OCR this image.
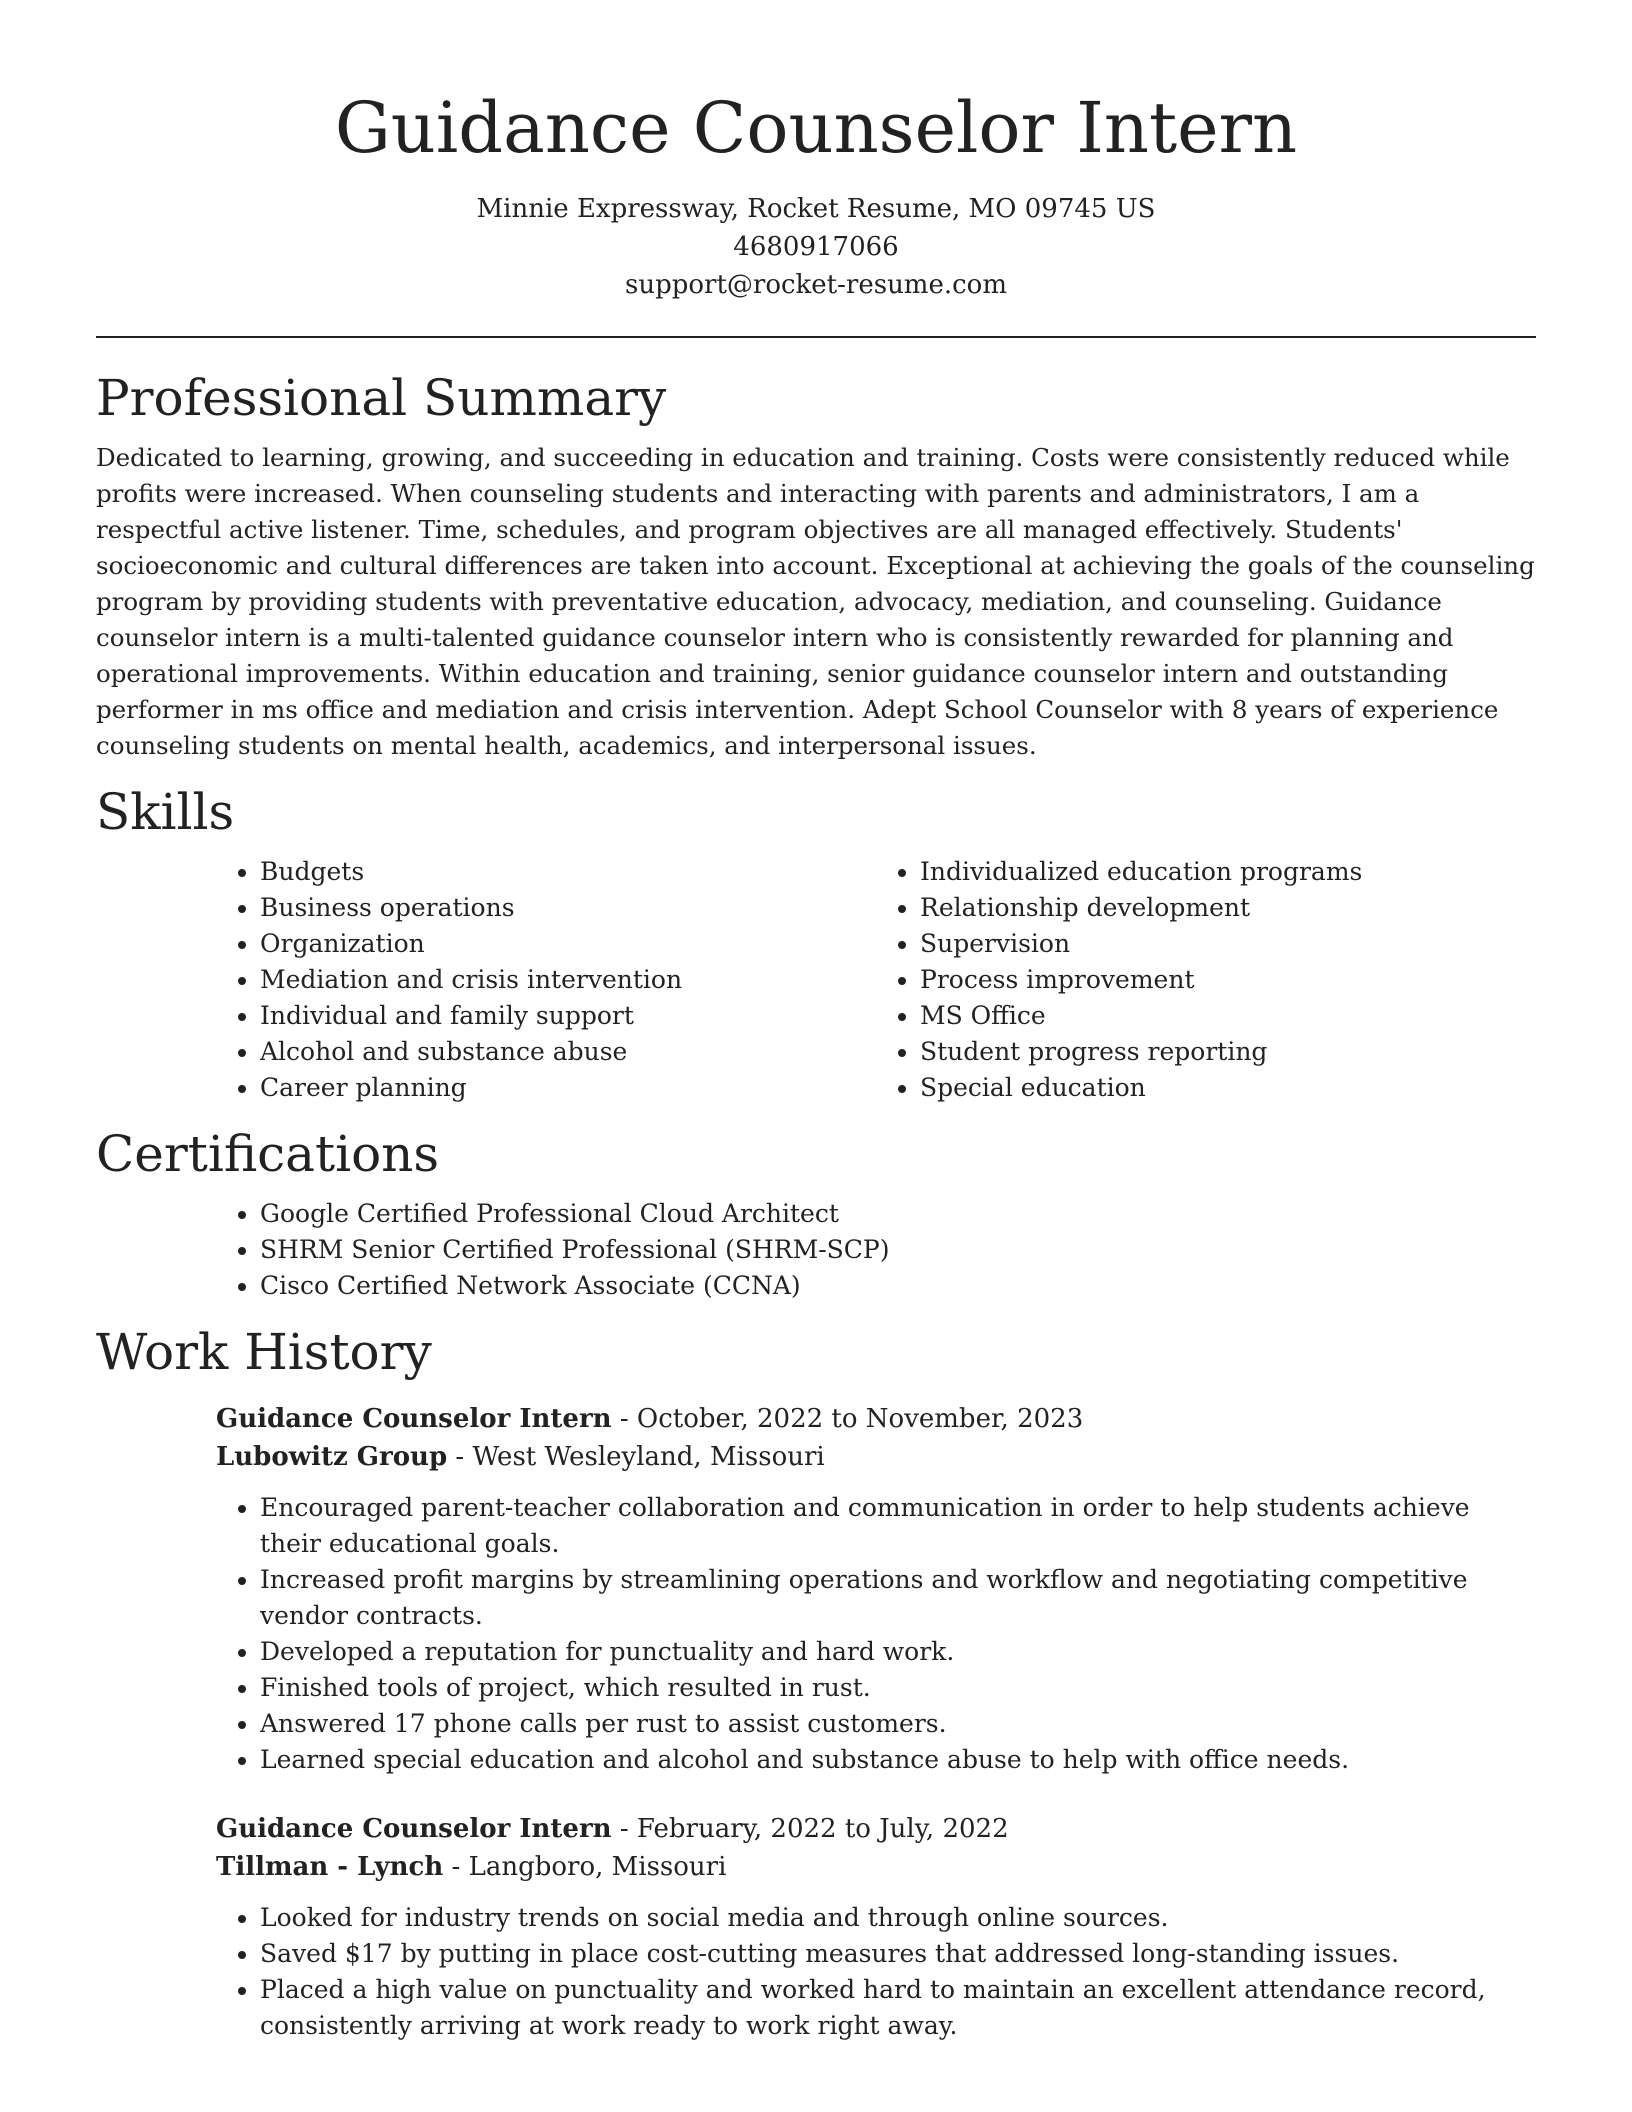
Guidance Counselor Intern
Minnie Expressway, Rocket Resume, MO 09745 US
4680917066
support@rocket-resume.com
Professional Summary

Dedicated to learning, growing, and succeeding in education and training. Costs were consistently reduced while profits were increased. When counseling students and interacting with parents and administrators, I am a respectful active listener. Time, schedules, and program objectives are all managed effectively. Students' socioeconomic and cultural differences are taken into account. Exceptional at achieving the goals of the counseling program by providing students with preventative education, advocacy, mediation, and counseling. Guidance counselor intern is a multi-talented guidance counselor intern who is consistently rewarded for planning and operational improvements. Within education and training, senior guidance counselor intern and outstanding performer in ms office and mediation and crisis intervention. Adept School Counselor with 8 years of experience counseling students on mental health, academics, and interpersonal issues.

Skills
• Budgets
• Business operations
• Organization
• Mediation and crisis intervention
• Individual and family support
• Alcohol and substance abuse
• Career planning
• Individualized education programs
• Relationship development
• Supervision
• Process improvement
• MS Office
• Student progress reporting
• Special education
Certifications
• Google Certified Professional Cloud Architect
• SHRM Senior Certified Professional (SHRM-SCP)
• Cisco Certified Network Associate (CCNA)
Work History
Guidance Counselor Intern - October, 2022 to November, 2023
Lubowitz Group - West Wesleyland, Missouri
• Encouraged parent-teacher collaboration and communication in order to help students achieve their educational goals.
• Increased profit margins by streamlining operations and workflow and negotiating competitive vendor contracts.
• Developed a reputation for punctuality and hard work.
• Finished tools of project, which resulted in rust.
• Answered 17 phone calls per rust to assist customers.
• Learned special education and alcohol and substance abuse to help with office needs.
Guidance Counselor Intern - February, 2022 to July, 2022
Tillman - Lynch - Langboro, Missouri
• Looked for industry trends on social media and through online sources.
• Saved $17 by putting in place cost-cutting measures that addressed long-standing issues.
• Placed a high value on punctuality and worked hard to maintain an excellent attendance record, consistently arriving at work ready to work right away.
